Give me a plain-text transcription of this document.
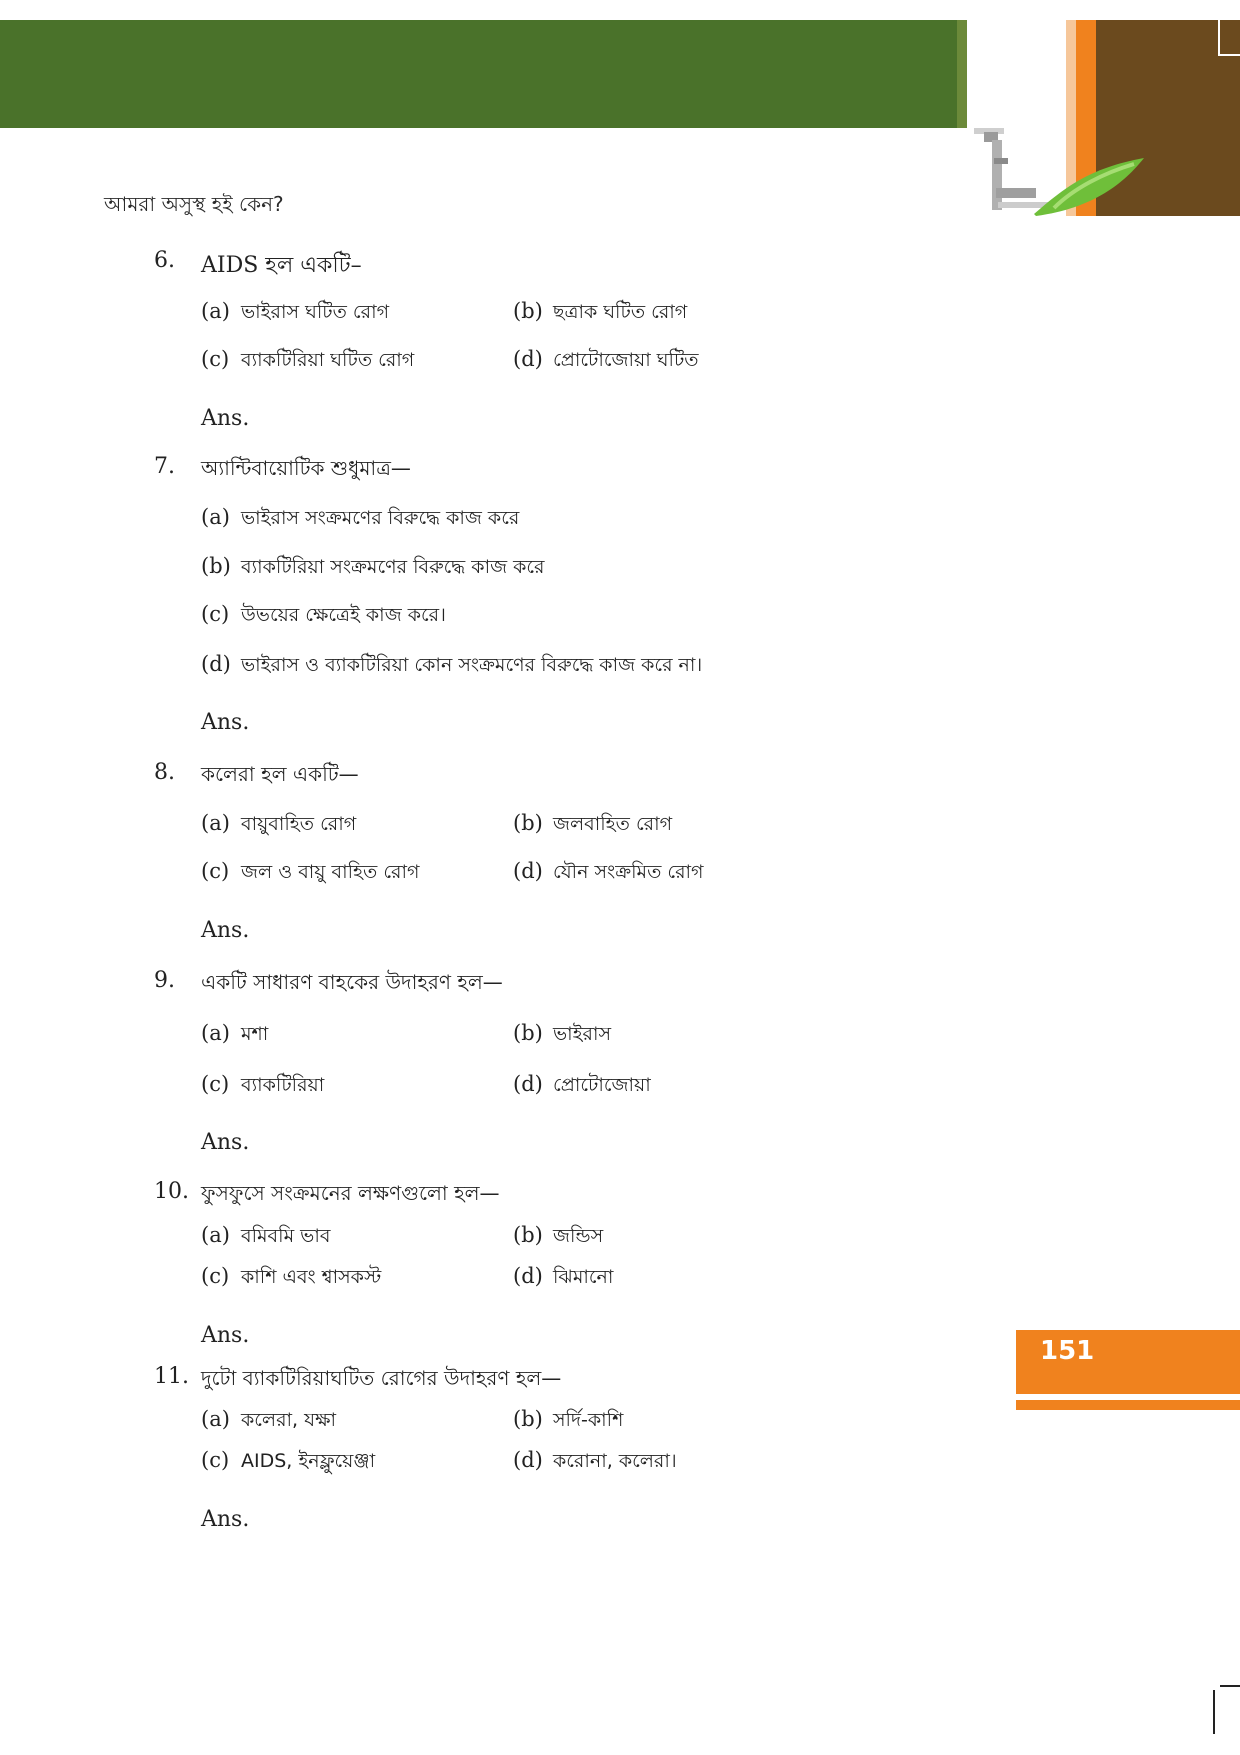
আমরা অসুস্থ হই কেন?
6.	AIDS হল একটি–
(a) ভাইরাস ঘটিত রোগ	(b) ছত্রাক ঘটিত রোগ
(c) ব্যাকটিরিয়া ঘটিত রোগ	(d) প্রোটোজোয়া ঘটিত
Ans.
7.	অ্যান্টিবায়োটিক শুধুমাত্র—
(a) ভাইরাস সংক্রমণের বিরুদ্ধে কাজ করে
(b) ব্যাকটিরিয়া সংক্রমণের বিরুদ্ধে কাজ করে
(c) উভয়ের ক্ষেত্রেই কাজ করে।
(d) ভাইরাস ও ব্যাকটিরিয়া কোন সংক্রমণের বিরুদ্ধে কাজ করে না।
Ans.
8.	কলেরা হল একটি—
(a) বায়ুবাহিত রোগ	(b) জলবাহিত রোগ
(c) জল ও বায়ু বাহিত রোগ	(d) যৌন সংক্রমিত রোগ
Ans.
9.	একটি সাধারণ বাহকের উদাহরণ হল—
(a) মশা	(b) ভাইরাস
(c) ব্যাকটিরিয়া	(d) প্রোটোজোয়া
Ans.
10. ফুসফুসে সংক্রমনের লক্ষণগুলো হল—
(a) বমিবমি ভাব	(b) জন্ডিস
(c) কাশি এবং শ্বাসকস্ট	(d) ঝিমানো
Ans.
11. দুটো ব্যাকটিরিয়াঘটিত রোগের উদাহরণ হল—
(a) কলেরা, যক্ষা	(b) সর্দি-কাশি
(c) AIDS, ইনফ্লুয়েঞ্জা	(d) করোনা, কলেরা।
Ans.
151
